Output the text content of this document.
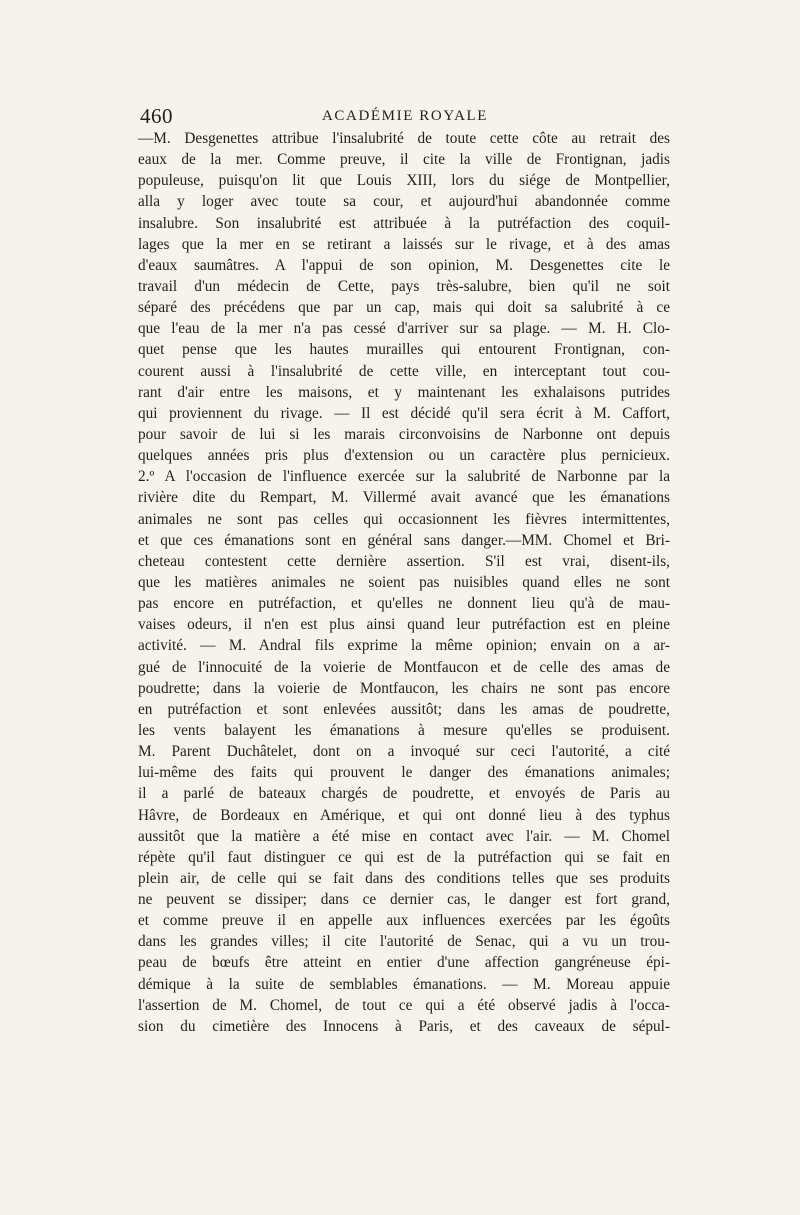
460	ACADÉMIE ROYALE
—M. Desgenettes attribue l'insalubrité de toute cette côte au retrait des
eaux de la mer. Comme preuve, il cite la ville de Frontignan, jadis
populeuse, puisqu'on lit que Louis XIII, lors du siége de Montpellier,
alla y loger avec toute sa cour, et aujourd'hui abandonnée comme
insalubre. Son insalubrité est attribuée à la putréfaction des coquil-
lages que la mer en se retirant a laissés sur le rivage, et à des amas
d'eaux saumâtres. A l'appui de son opinion, M. Desgenettes cite le
travail d'un médecin de Cette, pays très-salubre, bien qu'il ne soit
séparé des précédens que par un cap, mais qui doit sa salubrité à ce
que l'eau de la mer n'a pas cessé d'arriver sur sa plage. — M. H. Clo-
quet pense que les hautes murailles qui entourent Frontignan, con-
courent aussi à l'insalubrité de cette ville, en interceptant tout cou-
rant d'air entre les maisons, et y maintenant les exhalaisons putrides
qui proviennent du rivage. — Il est décidé qu'il sera écrit à M. Caffort,
pour savoir de lui si les marais circonvoisins de Narbonne ont depuis
quelques années pris plus d'extension ou un caractère plus pernicieux.
2.º A l'occasion de l'influence exercée sur la salubrité de Narbonne par la
rivière dite du Rempart, M. Villermé avait avancé que les émanations
animales ne sont pas celles qui occasionnent les fièvres intermittentes,
et que ces émanations sont en général sans danger.—MM. Chomel et Bri-
cheteau contestent cette dernière assertion. S'il est vrai, disent-ils,
que les matières animales ne soient pas nuisibles quand elles ne sont
pas encore en putréfaction, et qu'elles ne donnent lieu qu'à de mau-
vaises odeurs, il n'en est plus ainsi quand leur putréfaction est en pleine
activité. — M. Andral fils exprime la même opinion; envain on a ar-
gué de l'innocuité de la voierie de Montfaucon et de celle des amas de
poudrette; dans la voierie de Montfaucon, les chairs ne sont pas encore
en putréfaction et sont enlevées aussitôt; dans les amas de poudrette,
les vents balayent les émanations à mesure qu'elles se produisent.
M. Parent Duchâtelet, dont on a invoqué sur ceci l'autorité, a cité
lui-même des faits qui prouvent le danger des émanations animales;
il a parlé de bateaux chargés de poudrette, et envoyés de Paris au
Hâvre, de Bordeaux en Amérique, et qui ont donné lieu à des typhus
aussitôt que la matière a été mise en contact avec l'air. — M. Chomel
répète qu'il faut distinguer ce qui est de la putréfaction qui se fait en
plein air, de celle qui se fait dans des conditions telles que ses produits
ne peuvent se dissiper; dans ce dernier cas, le danger est fort grand,
et comme preuve il en appelle aux influences exercées par les égoûts
dans les grandes villes; il cite l'autorité de Senac, qui a vu un trou-
peau de bœufs être atteint en entier d'une affection gangréneuse épi-
démique à la suite de semblables émanations. — M. Moreau appuie
l'assertion de M. Chomel, de tout ce qui a été observé jadis à l'occa-
sion du cimetière des Innocens à Paris, et des caveaux de sépul-
